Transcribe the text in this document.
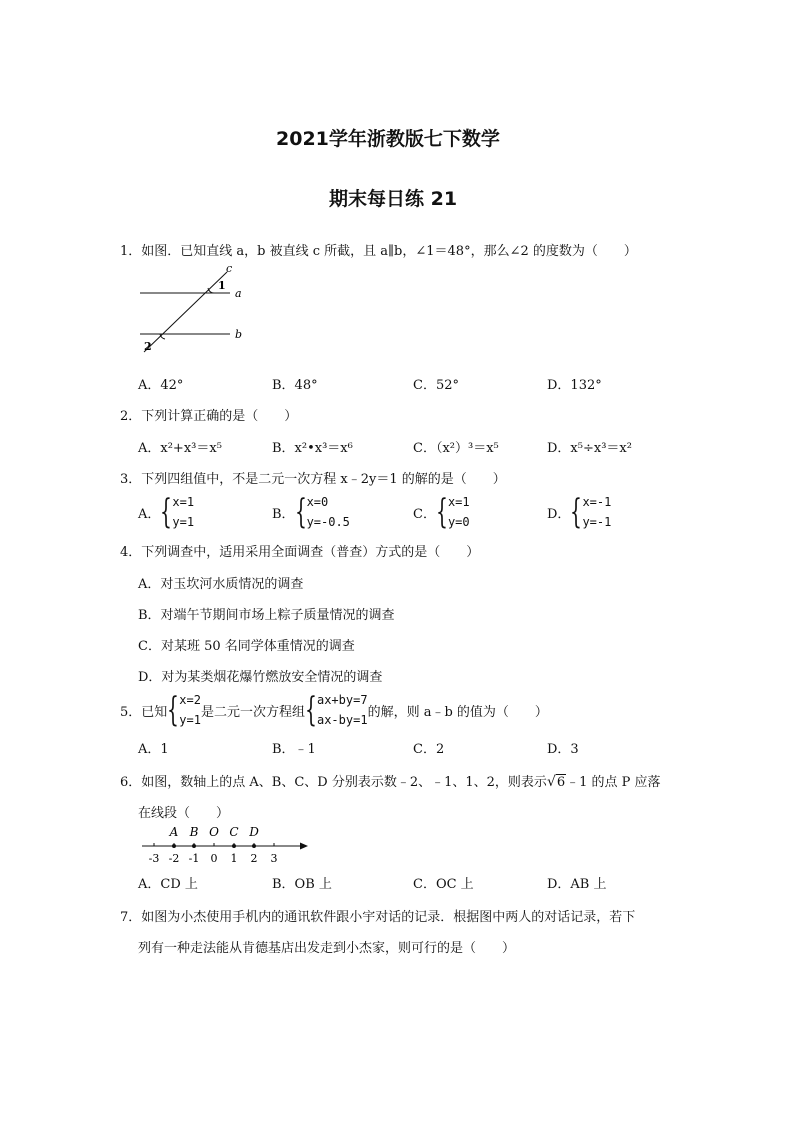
2021学年浙教版七下数学
期末每日练 21
1．如图．已知直线 a，b 被直线 c 所截，且 a∥b，∠1＝48°，那么∠2 的度数为（　　）
c
a
b
1
2
A．42°	B．48°	C．52°	D．132°
2．下列计算正确的是（　　）
A．x²+x³＝x⁵	B．x²•x³＝x⁶	C．（x²）³＝x⁵	D．x⁵÷x³＝x²
3．下列四组值中，不是二元一次方程 x﹣2y＝1 的解的是（　　）
A． { x=1
y=1
B． { x=0
y=-0.5
C． { x=1
y=0
D． { x=-1
y=-1
4．下列调查中，适用采用全面调查（普查）方式的是（　　）
A．对玉坎河水质情况的调查
B．对端午节期间市场上粽子质量情况的调查
C．对某班 50 名同学体重情况的调查
D．对为某类烟花爆竹燃放安全情况的调查
5．已知 { x=2
y=1
是二元一次方程组 { ax+by=7
ax-by=1
的解，则 a﹣b 的值为（　　）
A．1	B．﹣1	C．2	D．3
6．如图，数轴上的点 A、B、C、D 分别表示数﹣2、﹣1、1、2，则表示 √ 6 ﹣1 的点 P 应落
在线段（　　）
-3 -2 -1 0 1 2 3
A B O C D
A．CD 上	B．OB 上	C．OC 上	D．AB 上
7．如图为小杰使用手机内的通讯软件跟小宇对话的记录．根据图中两人的对话记录，若下
列有一种走法能从肯德基店出发走到小杰家，则可行的是（　　）
